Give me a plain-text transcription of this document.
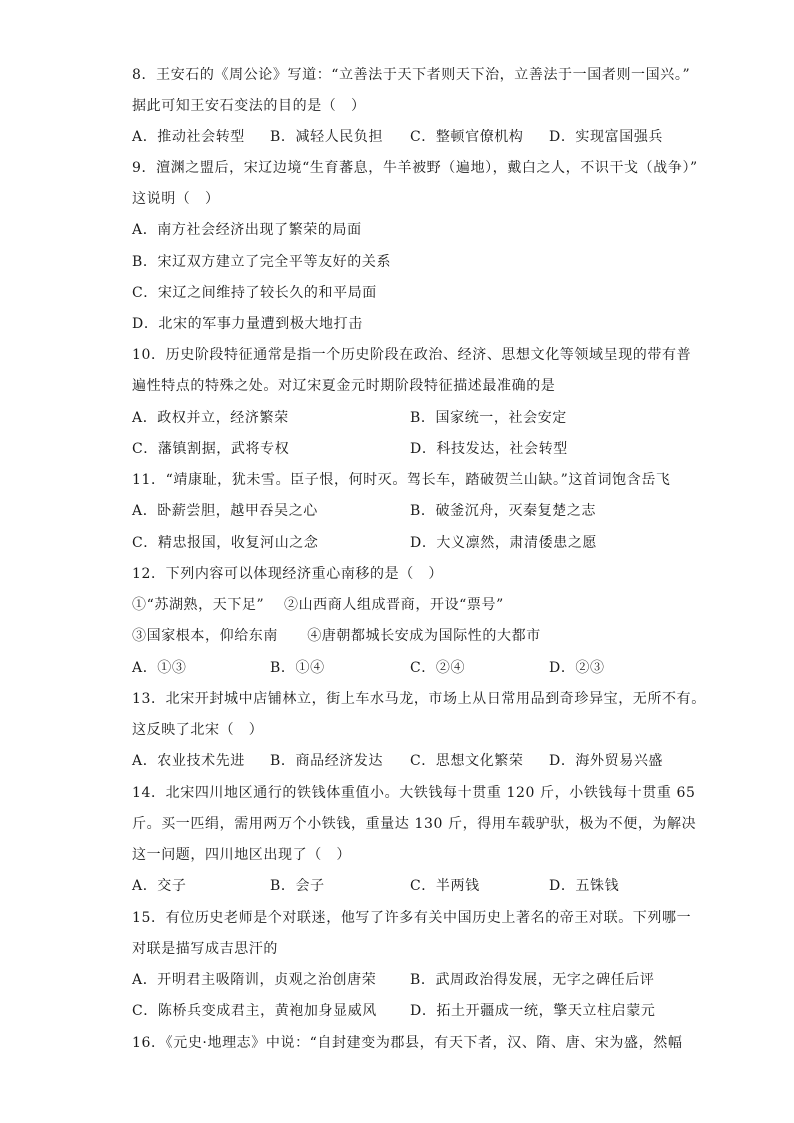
8．王安石的《周公论》写道：“立善法于天下者则天下治，立善法于一国者则一国兴。”
据此可知王安石变法的目的是（　）
A．推动社会转型 B．减轻人民负担 C．整顿官僚机构 D．实现富国强兵
9．澶渊之盟后，宋辽边境“生育蕃息，牛羊被野（遍地），戴白之人，不识干戈（战争）”
这说明（　）
A．南方社会经济出现了繁荣的局面
B．宋辽双方建立了完全平等友好的关系
C．宋辽之间维持了较长久的和平局面
D．北宋的军事力量遭到极大地打击
10．历史阶段特征通常是指一个历史阶段在政治、经济、思想文化等领域呈现的带有普
遍性特点的特殊之处。对辽宋夏金元时期阶段特征描述最准确的是
A．政权并立，经济繁荣	B．国家统一，社会安定
C．藩镇割据，武将专权	D．科技发达，社会转型
11．“靖康耻，犹未雪。臣子恨，何时灭。驾长车，踏破贺兰山缺。”这首词饱含岳飞
A．卧薪尝胆，越甲吞吴之心	B．破釜沉舟，灭秦复楚之志
C．精忠报国，收复河山之念	D．大义凛然，肃清倭患之愿
12．下列内容可以体现经济重心南移的是（　）
①“苏湖熟，天下足”　 ②山西商人组成晋商，开设“票号”
③国家根本，仰给东南　　④唐朝都城长安成为国际性的大都市
A．①③	B．①④	C．②④	D．②③
13．北宋开封城中店铺林立，街上车水马龙，市场上从日常用品到奇珍异宝，无所不有。
这反映了北宋（　）
A．农业技术先进 B．商品经济发达 C．思想文化繁荣 D．海外贸易兴盛
14．北宋四川地区通行的铁钱体重值小。大铁钱每十贯重 120 斤，小铁钱每十贯重 65
斤。买一匹绢，需用两万个小铁钱，重量达 130 斤，得用车载驴驮，极为不便，为解决
这一问题，四川地区出现了（　）
A．交子	B．会子	C．半两钱	D．五铢钱
15．有位历史老师是个对联迷，他写了许多有关中国历史上著名的帝王对联。下列哪一
对联是描写成吉思汗的
A．开明君主吸隋训，贞观之治创唐荣 B．武周政治得发展，无字之碑任后评
C．陈桥兵变成君主，黄袍加身显威风 D．拓土开疆成一统，擎天立柱启蒙元
16．《元史·地理志》中说：“自封建变为郡县，有天下者，汉、隋、唐、宋为盛，然幅
